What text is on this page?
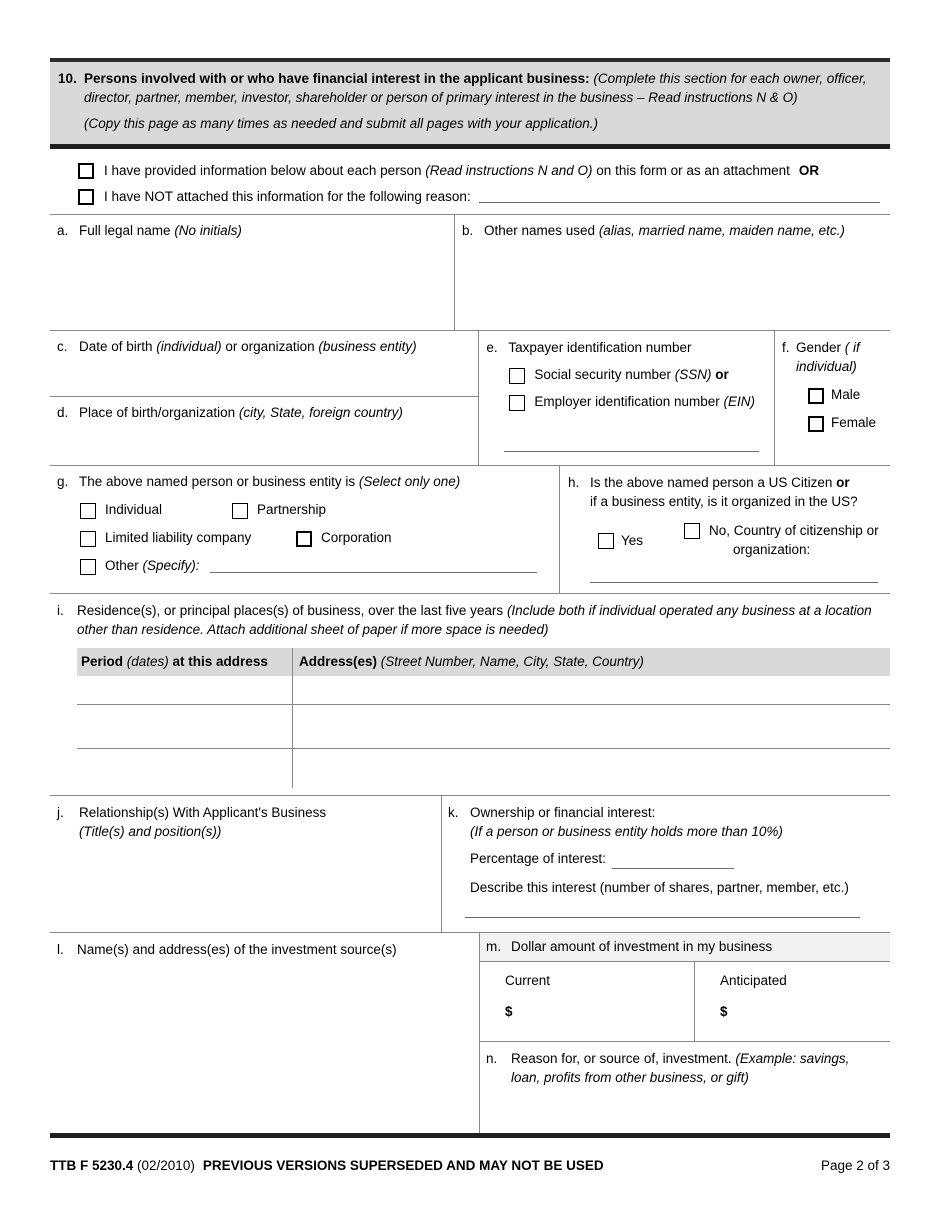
10. Persons involved with or who have financial interest in the applicant business: (Complete this section for each owner, officer, director, partner, member, investor, shareholder or person of primary interest in the business – Read instructions N & O)
(Copy this page as many times as needed and submit all pages with your application.)
I have provided information below about each person (Read instructions N and O) on this form or as an attachment OR
I have NOT attached this information for the following reason:
a. Full legal name (No initials)	b. Other names used (alias, married name, maiden name, etc.)
c. Date of birth (individual) or organization (business entity)
d. Place of birth/organization (city, State, foreign country)
e. Taxpayer identification number
Social security number (SSN) or
Employer identification number (EIN)
f. Gender ( if individual)
Male
Female
g. The above named person or business entity is (Select only one)
Individual	Partnership
Limited liability company	Corporation
Other (Specify):
h. Is the above named person a US Citizen or
if a business entity, is it organized in the US?
Yes
No, Country of citizenship or
organization:
i. Residence(s), or principal places(s) of business, over the last five years (Include both if individual operated any business at a location other than residence. Attach additional sheet of paper if more space is needed)
Period (dates) at this address	Address(es) (Street Number, Name, City, State, Country)
j.	Relationship(s) With Applicant's Business
(Title(s) and position(s))
k. Ownership or financial interest:
(If a person or business entity holds more than 10%)
Percentage of interest:
Describe this interest (number of shares, partner, member, etc.)
l. Name(s) and address(es) of the investment source(s)	m. Dollar amount of investment in my business
Current
$
Anticipated
$
n.	Reason for, or source of, investment. (Example: savings, loan, profits from other business, or gift)
TTB F 5230.4 (02/2010) PREVIOUS VERSIONS SUPERSEDED AND MAY NOT BE USED	Page 2 of 3
